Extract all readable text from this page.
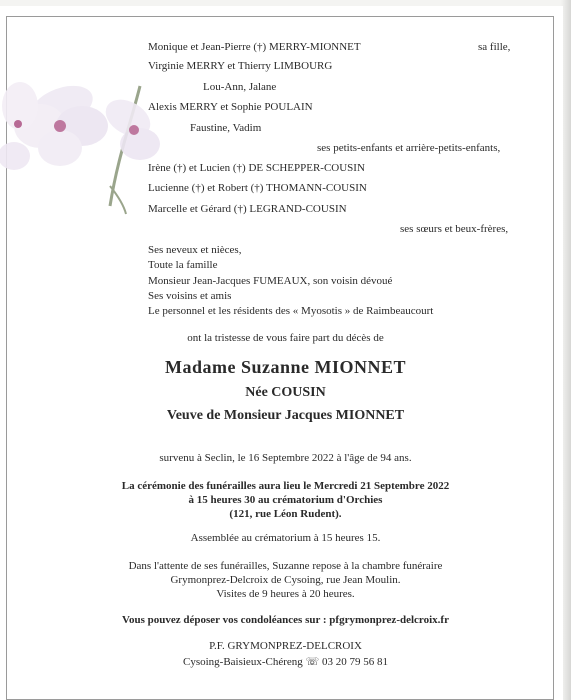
Monique et Jean-Pierre (†) MERRY-MIONNET	sa fille,
Virginie MERRY et Thierry LIMBOURG
Lou-Ann, Jalane
Alexis MERRY et Sophie POULAIN
Faustine, Vadim
ses petits-enfants et arrière-petits-enfants,
Irène (†) et Lucien (†) DE SCHEPPER-COUSIN
Lucienne (†) et Robert (†) THOMANN-COUSIN
Marcelle et Gérard (†) LEGRAND-COUSIN
ses sœurs et beux-frères,
Ses neveux et nièces,
Toute la famille
Monsieur Jean-Jacques FUMEAUX, son voisin dévoué
Ses voisins et amis
Le personnel et les résidents des « Myosotis » de Raimbeaucourt
ont la tristesse de vous faire part du décès de
Madame Suzanne MIONNET
Née COUSIN
Veuve de Monsieur Jacques MIONNET
survenu à Seclin, le 16 Septembre 2022 à l'âge de 94 ans.
La cérémonie des funérailles aura lieu le Mercredi 21 Septembre 2022
à 15 heures 30 au crématorium d'Orchies
(121, rue Léon Rudent).
Assemblée au crématorium à 15 heures 15.
Dans l'attente de ses funérailles, Suzanne repose à la chambre funéraire
Grymonprez-Delcroix de Cysoing, rue Jean Moulin.
Visites de 9 heures à 20 heures.
Vous pouvez déposer vos condoléances sur : pfgrymonprez-delcroix.fr
P.F. GRYMONPREZ-DELCROIX
Cysoing-Baisieux-Chéreng ☏ 03 20 79 56 81
